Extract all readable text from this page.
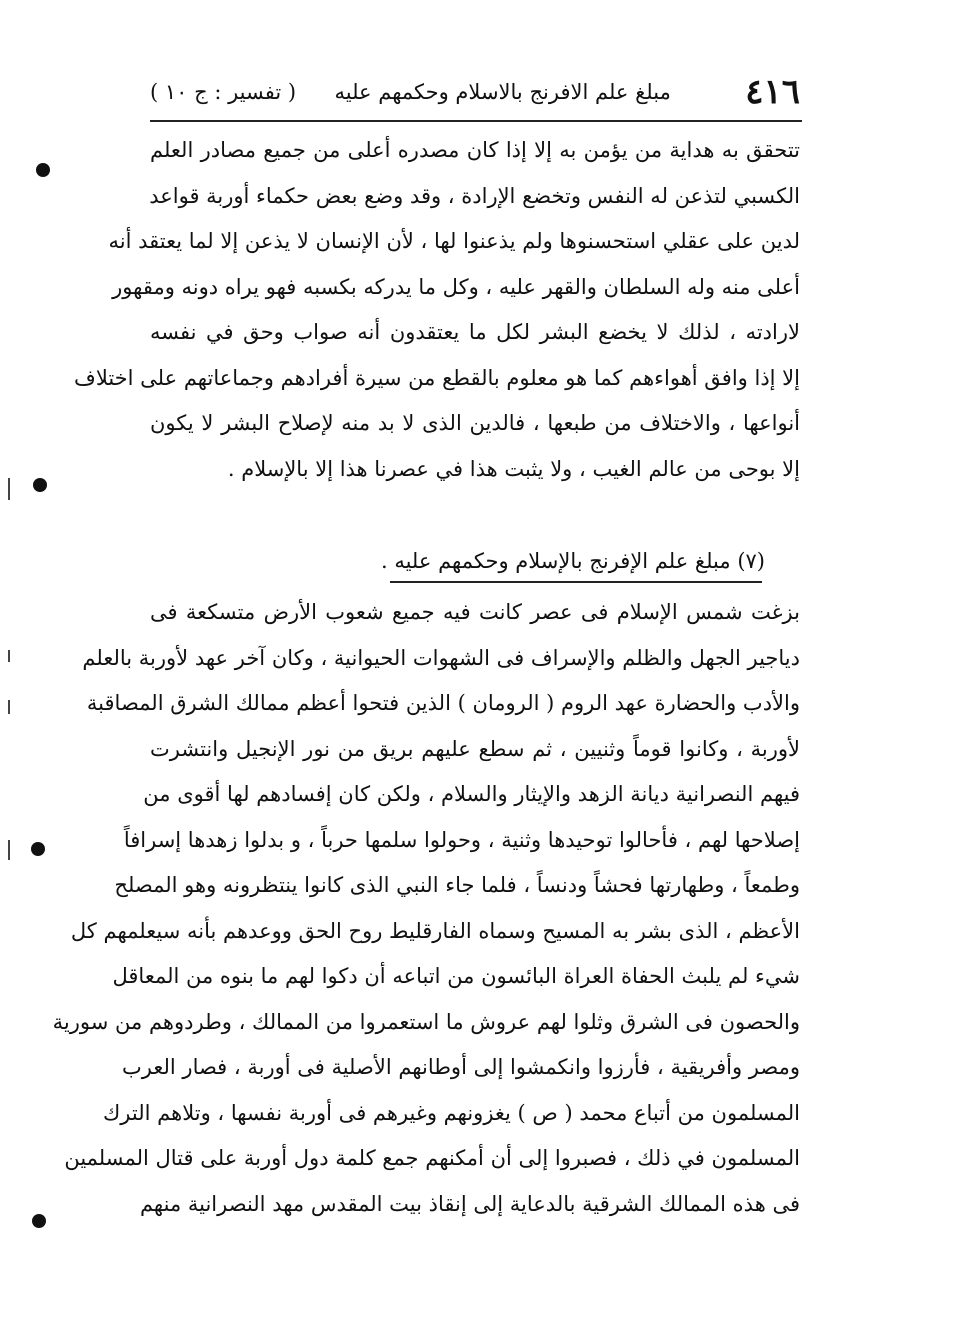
٤١٦
مبلغ علم الافرنج بالاسلام وحكمهم عليه
( تفسير : ج ١٠ )
تتحقق به هداية من يؤمن به إلا إذا كان مصدره أعلى من جميع مصادر العلم
الكسبي لتذعن له النفس وتخضع الإرادة ، وقد وضع بعض حكماء أوربة قواعد
لدين على عقلي استحسنوها ولم يذعنوا لها ، لأن الإنسان لا يذعن إلا لما يعتقد أنه
أعلى منه وله السلطان والقهر عليه ، وكل ما يدركه بكسبه فهو يراه دونه ومقهور
لارادته ، لذلك لا يخضع البشر لكل ما يعتقدون أنه صواب وحق في نفسه
إلا إذا وافق أهواءهم كما هو معلوم بالقطع من سيرة أفرادهم وجماعاتهم على اختلاف
أنواعها ، والاختلاف من طبعها ، فالدين الذى لا بد منه لإصلاح البشر لا يكون
إلا بوحى من عالم الغيب ، ولا يثبت هذا في عصرنا هذا إلا بالإسلام .
(٧) مبلغ علم الإفرنج بالإسلام وحكمهم عليه .
بزغت شمس الإسلام فى عصر كانت فيه جميع شعوب الأرض متسكعة فى
دياجير الجهل والظلم والإسراف فى الشهوات الحيوانية ، وكان آخر عهد لأوربة بالعلم
والأدب والحضارة عهد الروم ( الرومان ) الذين فتحوا أعظم ممالك الشرق المصاقبة
لأوربة ، وكانوا قوماً وثنيين ، ثم سطع عليهم بريق من نور الإنجيل وانتشرت
فيهم النصرانية ديانة الزهد والإيثار والسلام ، ولكن كان إفسادهم لها أقوى من
إصلاحها لهم ، فأحالوا توحيدها وثنية ، وحولوا سلمها حرباً ، و بدلوا زهدها إسرافاً
وطمعاً ، وطهارتها فحشاً ودنساً ، فلما جاء النبي الذى كانوا ينتظرونه وهو المصلح
الأعظم ، الذى بشر به المسيح وسماه الفارقليط روح الحق ووعدهم بأنه سيعلمهم كل
شيء لم يلبث الحفاة العراة البائسون من اتباعه أن دكوا لهم ما بنوه من المعاقل
والحصون فى الشرق وثلوا لهم عروش ما استعمروا من الممالك ، وطردوهم من سورية
ومصر وأفريقية ، فأرزوا وانكمشوا إلى أوطانهم الأصلية فى أوربة ، فصار العرب
المسلمون من أتباع محمد ( ص ) يغزونهم وغيرهم فى أوربة نفسها ، وتلاهم الترك
المسلمون في ذلك ، فصبروا إلى أن أمكنهم جمع كلمة دول أوربة على قتال المسلمين
فى هذه الممالك الشرقية بالدعاية إلى إنقاذ بيت المقدس مهد النصرانية منهم
